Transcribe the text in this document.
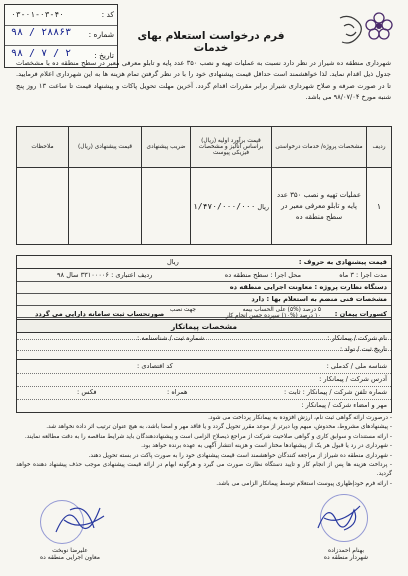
کد :
۰۳-۰۱-۰۳-۴۰
شماره :
۹۸ / ۲۸۸۶۳
تاریخ :
۹۸ / ۷ / ۲
فرم درخواست استعلام بهای خدمات
شهرداری منطقه ده شیراز در نظر دارد نسبت به عملیات تهیه و نصب ۳۵۰ عدد پایه و تابلو معرفی معبر در سطح منطقه ده با مشخصات جدول ذیل اقدام نماید. لذا خواهشمند است حداقل قیمت پیشنهادی خود را با در نظر گرفتن تمام هزینه ها به این شهرداری اعلام فرمایید. تا در صورت صرفه و صلاح شهرداری شیراز برابر مقررات اقدام گردد. آخرین مهلت تحویل پاکات و پیشنهاد قیمت تا ساعت ۱۳ روز پنج شنبه مورخ ۹۸/۰۷/۰۴ می باشد.
ردیف	مشخصات پروژه/ خدمات درخواستی	قیمت برآورد اولیه (ریال) براساس آنالیز و مشخصات فیزیکی پیوست	ضریب پیشنهادی	قیمت پیشنهادی (ریال)	ملاحظات
۱	عملیات تهیه و نصب ۳۵۰ عدد پایه و تابلو معرفی معبر در سطح منطقه ده	ریال ۱/۴۷۰/۰۰۰/۰۰۰			
قیمت پیشنهادی به حروف :
ریال
مدت اجرا : ۳ ماه
محل اجرا : سطح منطقه ده
ردیف اعتباری : ۳۳۱۰۰۰۰۶ سال ۹۸
دستگاه نظارت پروژه : معاونت اجرایی منطقه ده
مشخصات فنی منضم به استعلام بها : دارد
کسورات پیمان :
۵ درصد (%۵) علی الحساب بیمه
۱۰ درصد (%۱۰) سپرده حسن انجام کار
جهت نصب
صورتحساب ثبت سامانه دارایی می گردد
مشخصات پیمانکار
نام شرکت / پیمانکار :
شماره ثبت / شناسنامه :
تاریخ ثبت / تولد :
شناسه ملی / کدملی :
کد اقتصادی :
آدرس شرکت / پیمانکار :
شماره تلفن شرکت / پیمانکار : ثابت :
همراه :
فکس :
مهر و امضاء شرکت / پیمانکار :

- درصورت ارائه گواهی ثبت نام، ارزش افزوده به پیمانکار پرداخت می شود.

- پیشنهادهای مشروط، مخدوش، مبهم ویا دیرتر از موعد مقرر تحویل گردد و یا فاقد مهر و امضا باشد، به هیچ عنوان ترتیب اثر داده نخواهد شد.

- ارائه مستندات و سوابق کاری و گواهی صلاحیت شرکت از مراجع ذیصلاح الزامی است و پیشنهاددهندگان باید شرایط مناقصه را به دقت مطالعه نمایند.

- شهرداری در رد یا قبول هر یک از پیشنهادها مختار است و هزینه انتشار آگهی به عهده برنده خواهد بود.

- شهرداری منطقه ده شیراز از مراجعه کنندگان خواهشمند است قیمت پیشنهادی خود را به صورت پاکت در بسته تحویل دهند.

- پرداخت هزینه ها پس از انجام کار و تایید دستگاه نظارت صورت می گیرد و هرگونه ابهام در ارائه قیمت پیشنهادی موجب حذف پیشنهاد دهنده خواهد گردید.

- ارائه فرم خودإظهاری پیوست استعلام توسط پیمانکار الزامی می باشد.

بهنام احمدزاده
شهردار منطقه ده
علیرضا نوبخت
معاون اجرایی منطقه ده
